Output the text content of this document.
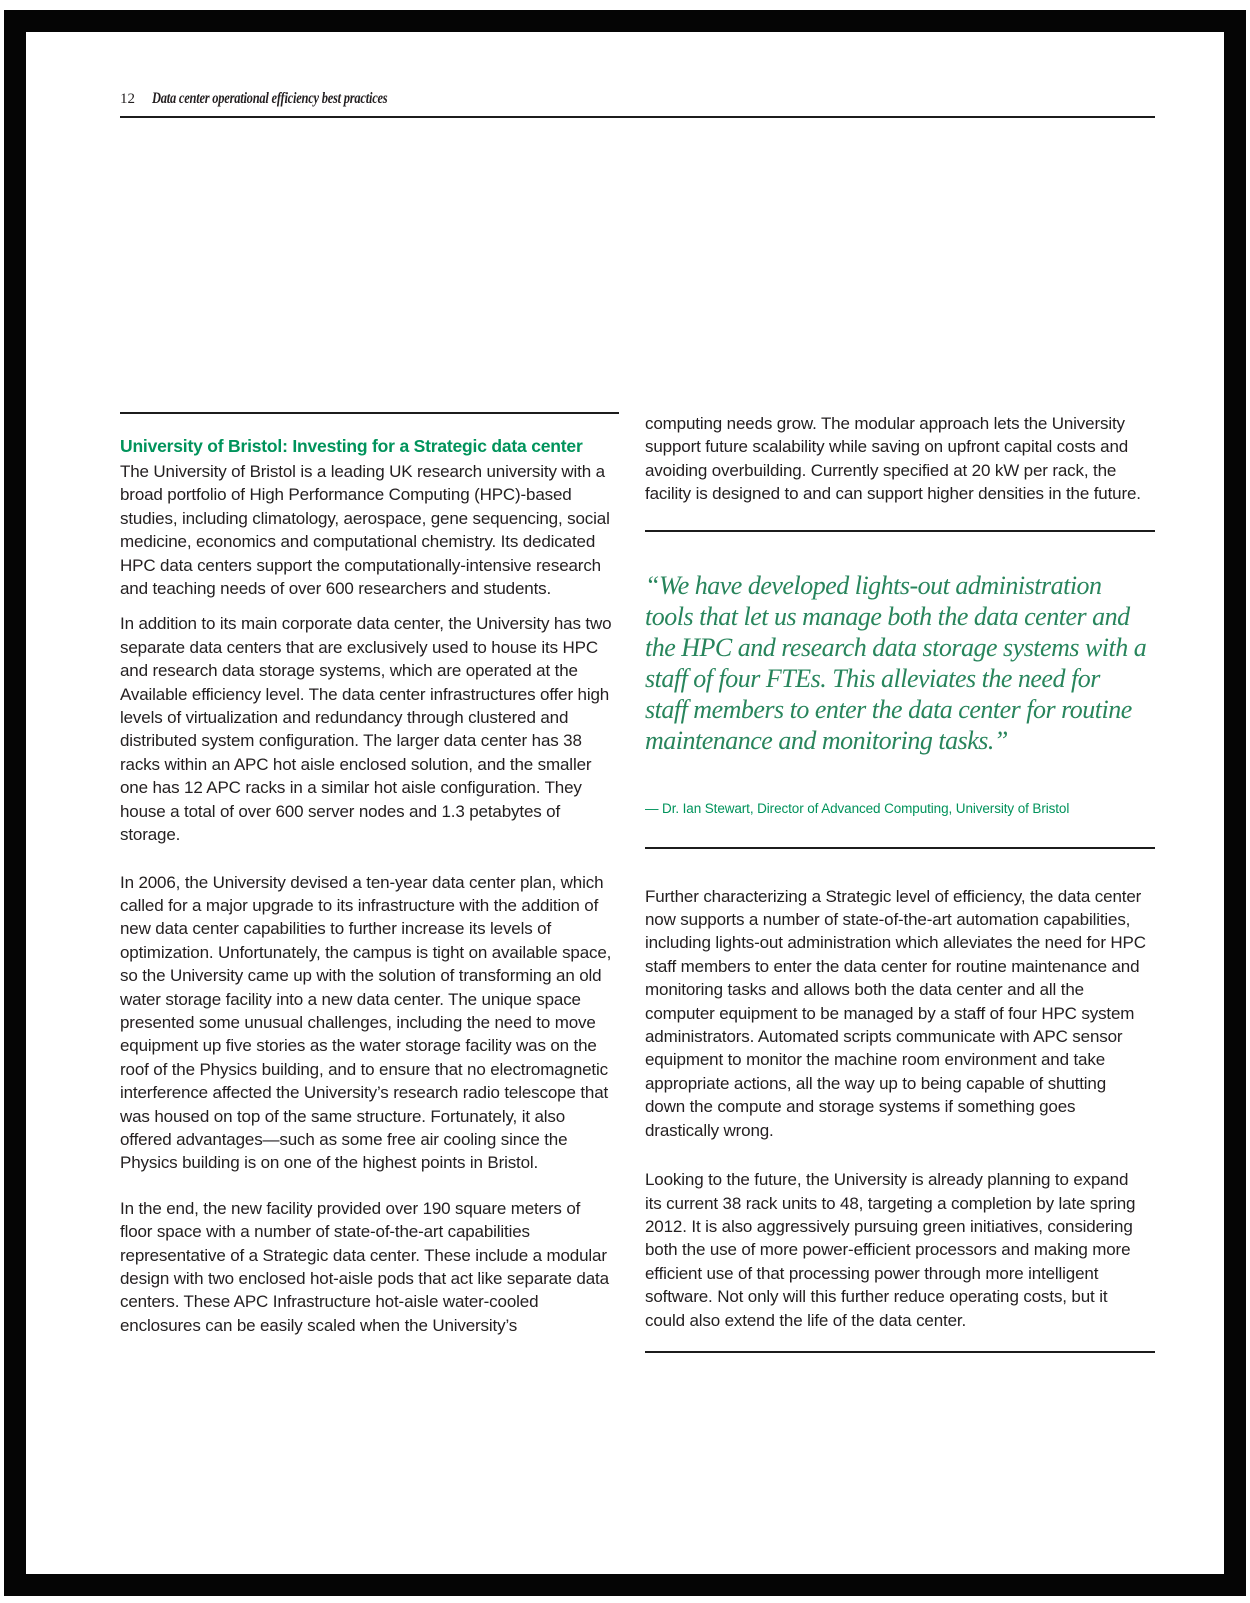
12 Data center operational efficiency best practices
University of Bristol: Investing for a Strategic data center

The University of Bristol is a leading UK research university with a broad portfolio of High Performance Computing (HPC)-based studies, including climatology, aerospace, gene sequencing, social medicine, economics and computational chemistry. Its dedicated HPC data centers support the computationally-intensive research and teaching needs of over 600 researchers and students.

In addition to its main corporate data center, the University has two separate data centers that are exclusively used to house its HPC and research data storage systems, which are operated at the Available efficiency level. The data center infrastructures offer high levels of virtualization and redundancy through clustered and distributed system configuration. The larger data center has 38 racks within an APC hot aisle enclosed solution, and the smaller one has 12 APC racks in a similar hot aisle configuration. They house a total of over 600 server nodes and 1.3 petabytes of storage.

In 2006, the University devised a ten-year data center plan, which called for a major upgrade to its infrastructure with the addition of new data center capabilities to further increase its levels of optimization. Unfortunately, the campus is tight on available space, so the University came up with the solution of transforming an old water storage facility into a new data center. The unique space presented some unusual challenges, including the need to move equipment up five stories as the water storage facility was on the roof of the Physics building, and to ensure that no electromagnetic interference affected the University’s research radio telescope that was housed on top of the same structure. Fortunately, it also offered advantages—such as some free air cooling since the Physics building is on one of the highest points in Bristol.

In the end, the new facility provided over 190 square meters of floor space with a number of state-of-the-art capabilities representative of a Strategic data center. These include a modular design with two enclosed hot-aisle pods that act like separate data centers. These APC Infrastructure hot-aisle water-cooled enclosures can be easily scaled when the University’s

computing needs grow. The modular approach lets the University support future scalability while saving on upfront capital costs and avoiding overbuilding. Currently specified at 20 kW per rack, the facility is designed to and can support higher densities in the future.

“We have developed lights-out administration tools that let us manage both the data center and the HPC and research data storage systems with a staff of four FTEs. This alleviates the need for staff members to enter the data center for routine maintenance and monitoring tasks.”
— Dr. Ian Stewart, Director of Advanced Computing, University of Bristol

Further characterizing a Strategic level of efficiency, the data center now supports a number of state-of-the-art automation capabilities, including lights-out administration which alleviates the need for HPC staff members to enter the data center for routine maintenance and monitoring tasks and allows both the data center and all the computer equipment to be managed by a staff of four HPC system administrators. Automated scripts communicate with APC sensor equipment to monitor the machine room environment and take appropriate actions, all the way up to being capable of shutting down the compute and storage systems if something goes drastically wrong.

Looking to the future, the University is already planning to expand its current 38 rack units to 48, targeting a completion by late spring 2012. It is also aggressively pursuing green initiatives, considering both the use of more power-efficient processors and making more efficient use of that processing power through more intelligent software. Not only will this further reduce operating costs, but it could also extend the life of the data center.
